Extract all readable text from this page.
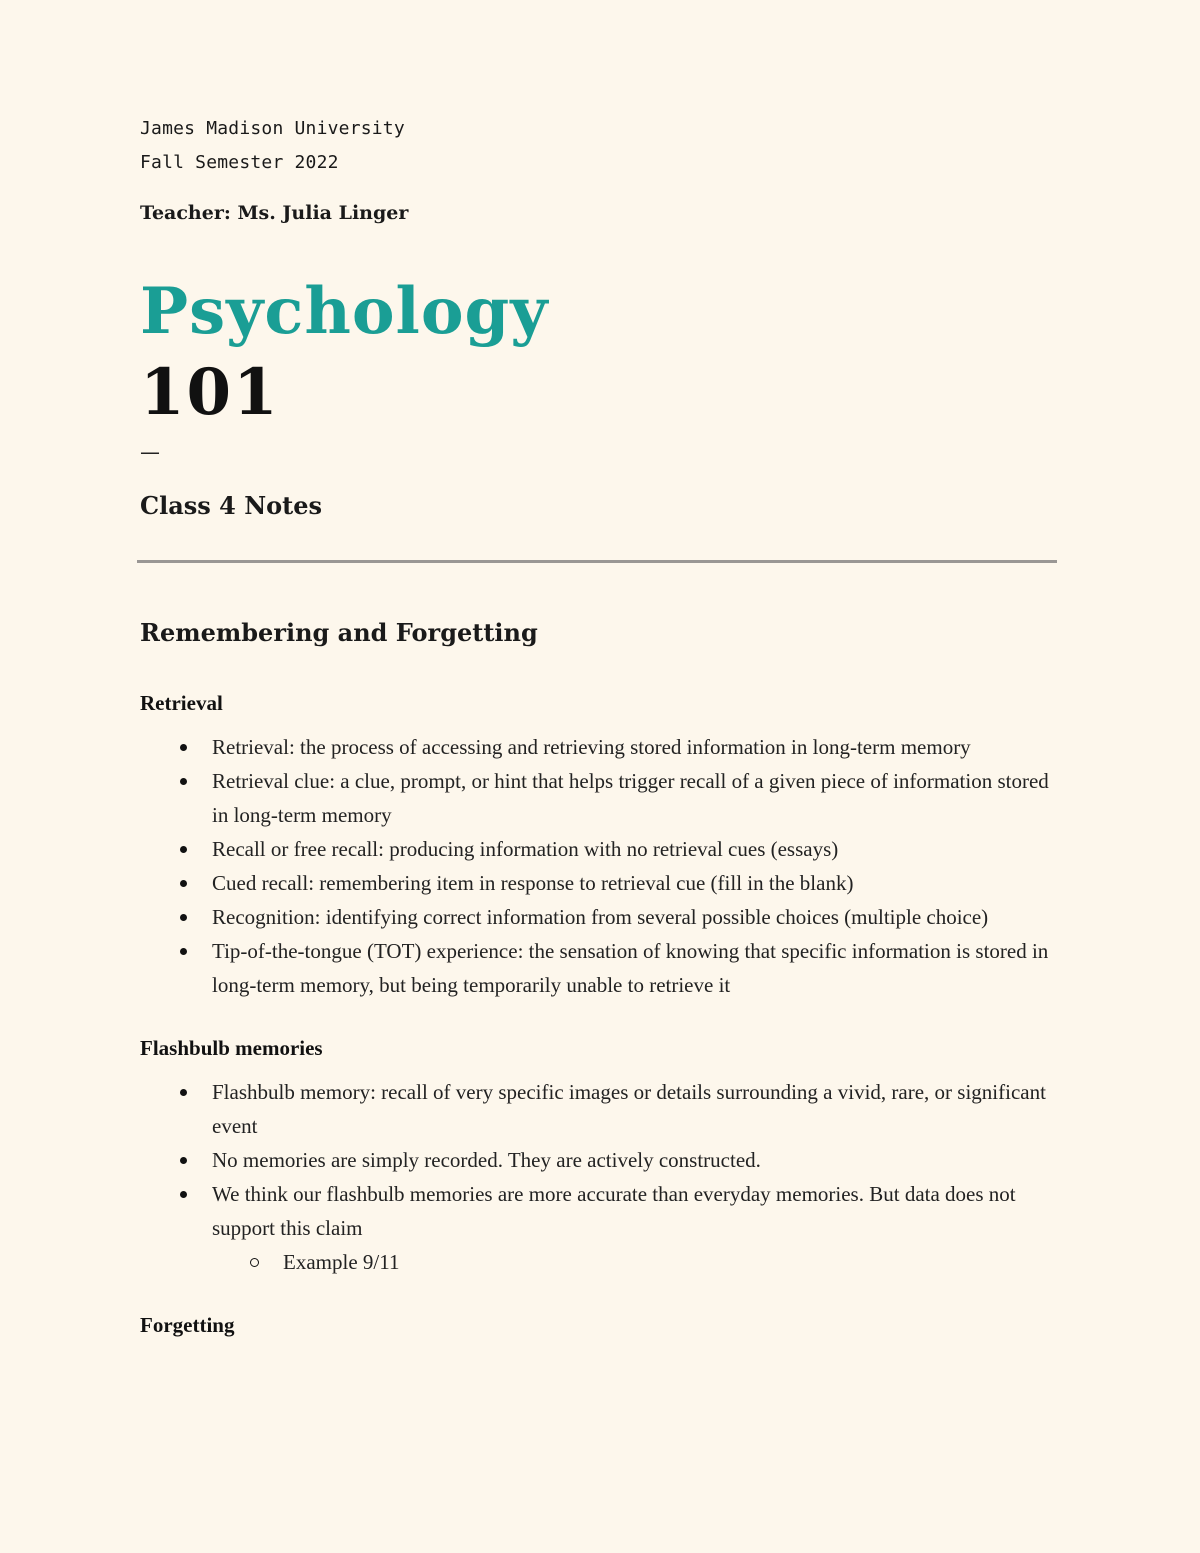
James Madison University
Fall Semester 2022
Teacher: Ms. Julia Linger
Psychology
101
—
Class 4 Notes
Remembering and Forgetting
Retrieval
Retrieval: the process of accessing and retrieving stored information in long-term memory
Retrieval clue: a clue, prompt, or hint that helps trigger recall of a given piece of information stored in long-term memory
Recall or free recall: producing information with no retrieval cues (essays)
Cued recall: remembering item in response to retrieval cue (fill in the blank)
Recognition: identifying correct information from several possible choices (multiple choice)
Tip-of-the-tongue (TOT) experience: the sensation of knowing that specific information is stored in long-term memory, but being temporarily unable to retrieve it
Flashbulb memories
Flashbulb memory: recall of very specific images or details surrounding a vivid, rare, or significant event
No memories are simply recorded. They are actively constructed.
We think our flashbulb memories are more accurate than everyday memories. But data does not support this claim
Example 9/11
Forgetting
